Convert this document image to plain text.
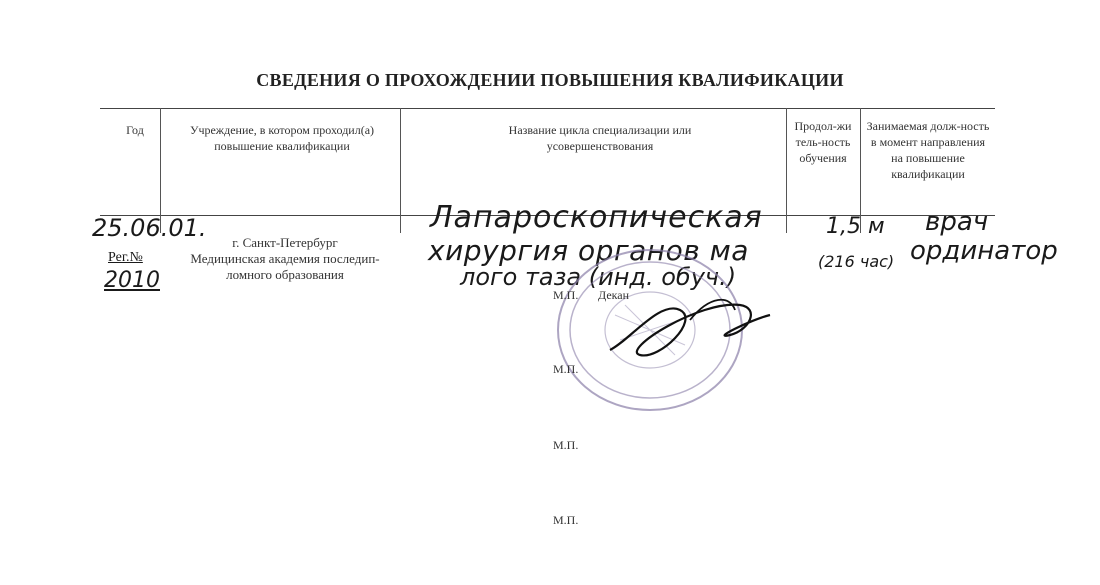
СВЕДЕНИЯ О ПРОХОЖДЕНИИ ПОВЫШЕНИЯ КВАЛИФИКАЦИИ
Год	Учреждение, в котором проходил(а) повышение квалификации
Название цикла специализации или усовершенствования
Продол-жи тель-ность обучения
Занимаемая долж-ность в момент направления на повышение квалификации
г. Санкт-Петербург
Медицинская академия последип-
ломного образования
25.06.01.
Рег.№
2010
Лапароскопическая
хирургия органов ма
лого таза (инд. обуч.)
1,5 м
(216 час)
врач
ординатор
М.П. Декан
М.П.
М.П.
М.П.
